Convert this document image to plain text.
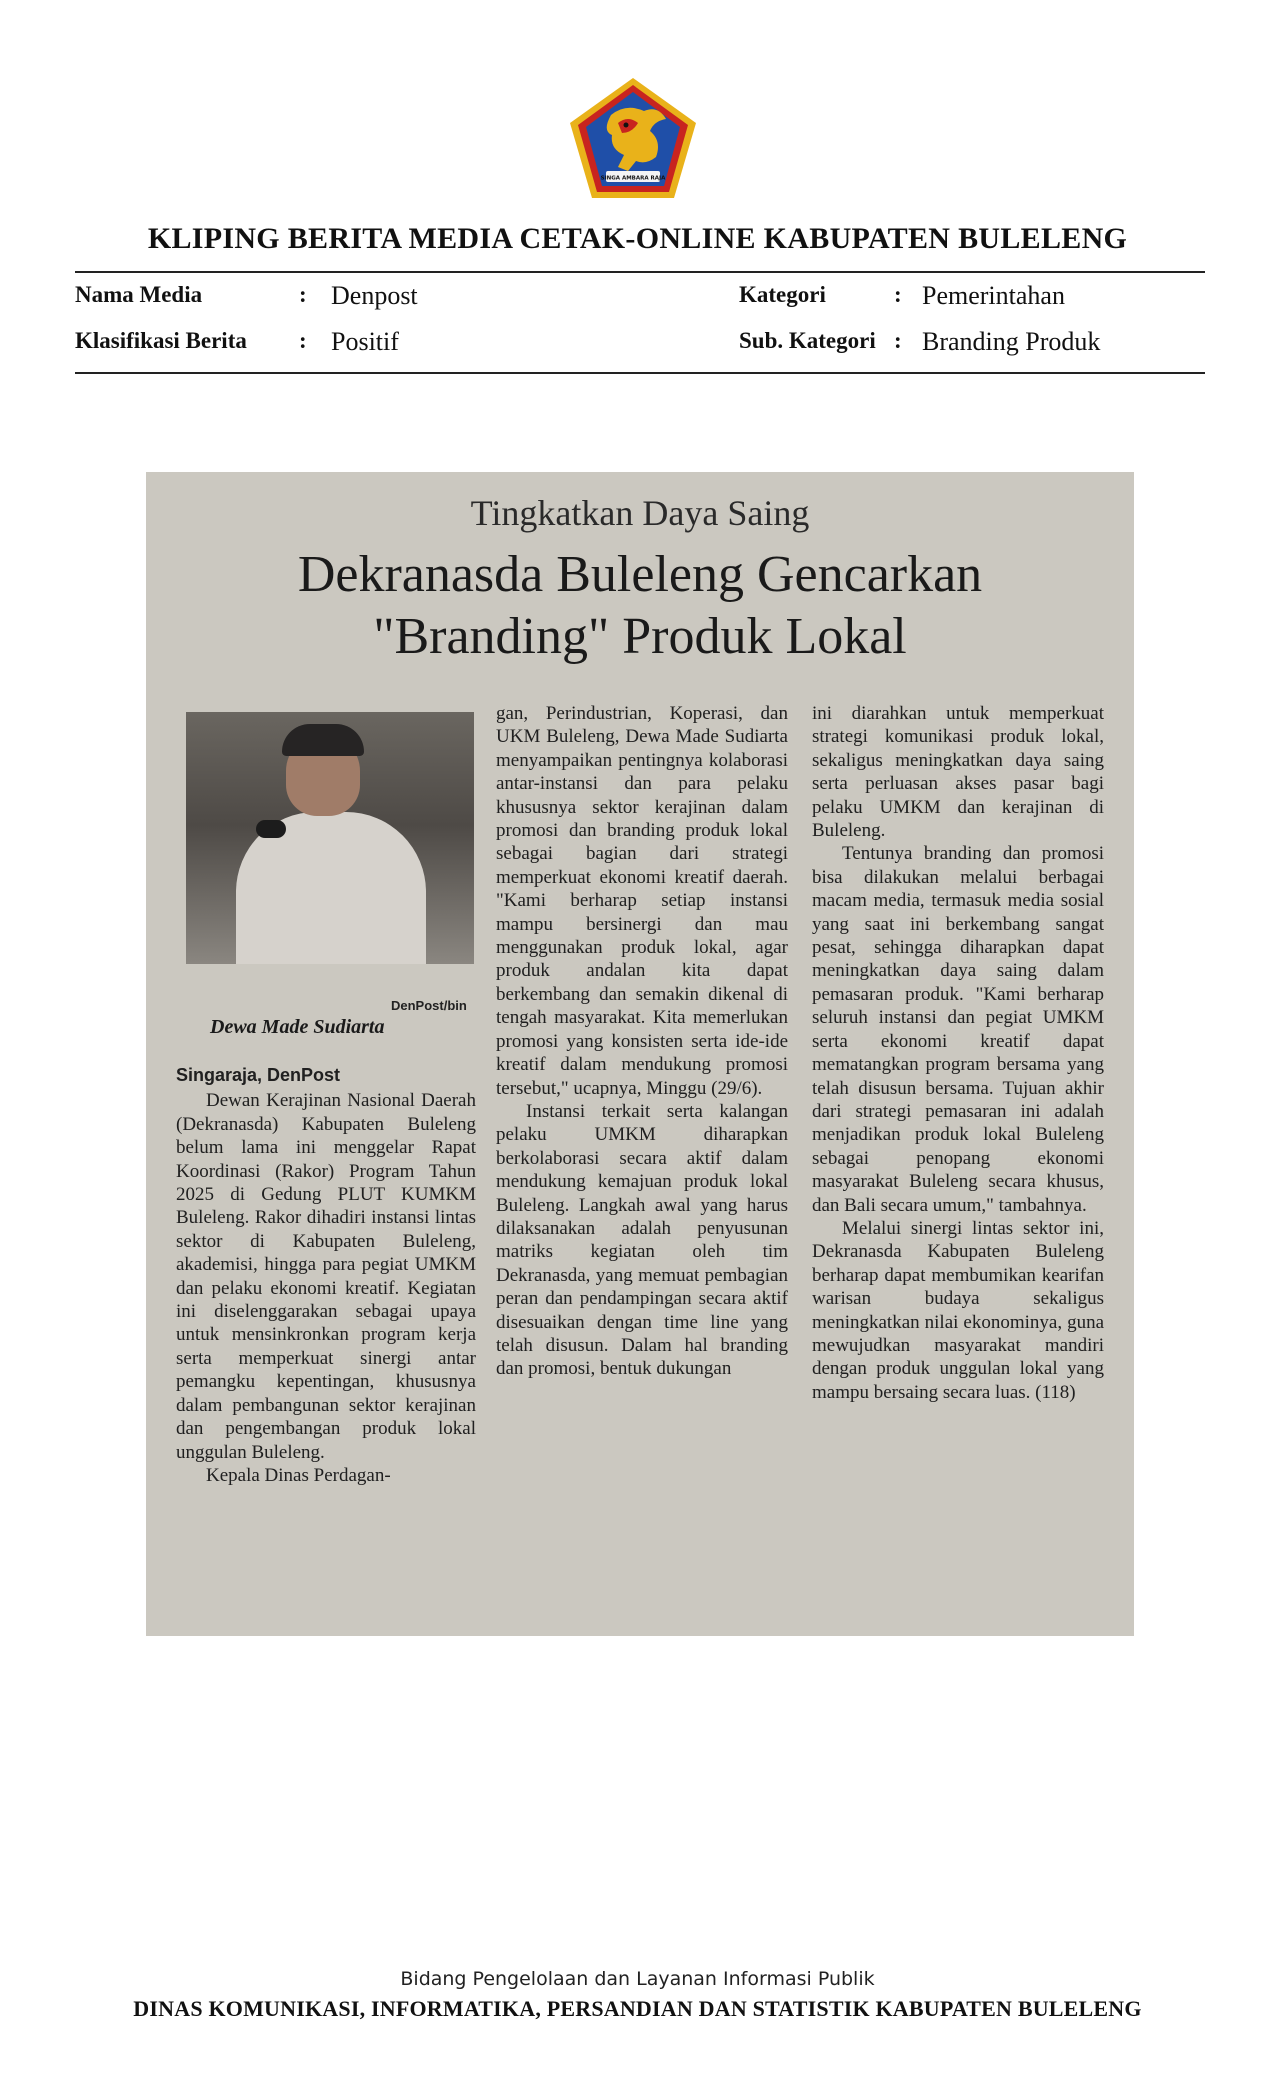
SINGA AMBARA RAJA
KLIPING BERITA MEDIA CETAK-ONLINE KABUPATEN BULELENG
Nama Media	: Denpost
Klasifikasi Berita : Positif
Kategori	: Pemerintahan
Sub. Kategori : Branding Produk
Tingkatkan Daya Saing
Dekranasda Buleleng Gencarkan
"Branding" Produk Lokal
DenPost/bin
Dewa Made Sudiarta
Singaraja, DenPost

Dewan Kerajinan Nasional Daerah (Dekranasda) Kabupaten Buleleng belum lama ini menggelar Rapat Koordinasi (Rakor) Program Tahun 2025 di Gedung PLUT KUMKM Buleleng. Rakor dihadiri instansi lintas sektor di Kabupaten Buleleng, akademisi, hingga para pegiat UMKM dan pelaku ekonomi kreatif. Kegiatan ini diselenggarakan sebagai upaya untuk mensinkronkan program kerja serta memperkuat sinergi antar pemangku kepentingan, khususnya dalam pembangunan sektor kerajinan dan pengembangan produk lokal unggulan Buleleng.

Kepala Dinas Perdagan-

gan, Perindustrian, Koperasi, dan UKM Buleleng, Dewa Made Sudiarta menyampaikan pentingnya kolaborasi antar-instansi dan para pelaku khususnya sektor kerajinan dalam promosi dan branding produk lokal sebagai bagian dari strategi memperkuat ekonomi kreatif daerah. "Kami berharap setiap instansi mampu bersinergi dan mau menggunakan produk lokal, agar produk andalan kita dapat berkembang dan semakin dikenal di tengah masyarakat. Kita memerlukan promosi yang konsisten serta ide-ide kreatif dalam mendukung promosi tersebut," ucapnya, Minggu (29/6).

Instansi terkait serta kalangan pelaku UMKM diharapkan berkolaborasi secara aktif dalam mendukung kemajuan produk lokal Buleleng. Langkah awal yang harus dilaksanakan adalah penyusunan matriks kegiatan oleh tim Dekranasda, yang memuat pembagian peran dan pendampingan secara aktif disesuaikan dengan time line yang telah disusun. Dalam hal branding dan promosi, bentuk dukungan

ini diarahkan untuk memperkuat strategi komunikasi produk lokal, sekaligus meningkatkan daya saing serta perluasan akses pasar bagi pelaku UMKM dan kerajinan di Buleleng.

Tentunya branding dan promosi bisa dilakukan melalui berbagai macam media, termasuk media sosial yang saat ini berkembang sangat pesat, sehingga diharapkan dapat meningkatkan daya saing dalam pemasaran produk. "Kami berharap seluruh instansi dan pegiat UMKM serta ekonomi kreatif dapat mematangkan program bersama yang telah disusun bersama. Tujuan akhir dari strategi pemasaran ini adalah menjadikan produk lokal Buleleng sebagai penopang ekonomi masyarakat Buleleng secara khusus, dan Bali secara umum," tambahnya.

Melalui sinergi lintas sektor ini, Dekranasda Kabupaten Buleleng berharap dapat membumikan kearifan warisan budaya sekaligus meningkatkan nilai ekonominya, guna mewujudkan masyarakat mandiri dengan produk unggulan lokal yang mampu bersaing secara luas. (118)

Bidang Pengelolaan dan Layanan Informasi Publik
DINAS KOMUNIKASI, INFORMATIKA, PERSANDIAN DAN STATISTIK KABUPATEN BULELENG
